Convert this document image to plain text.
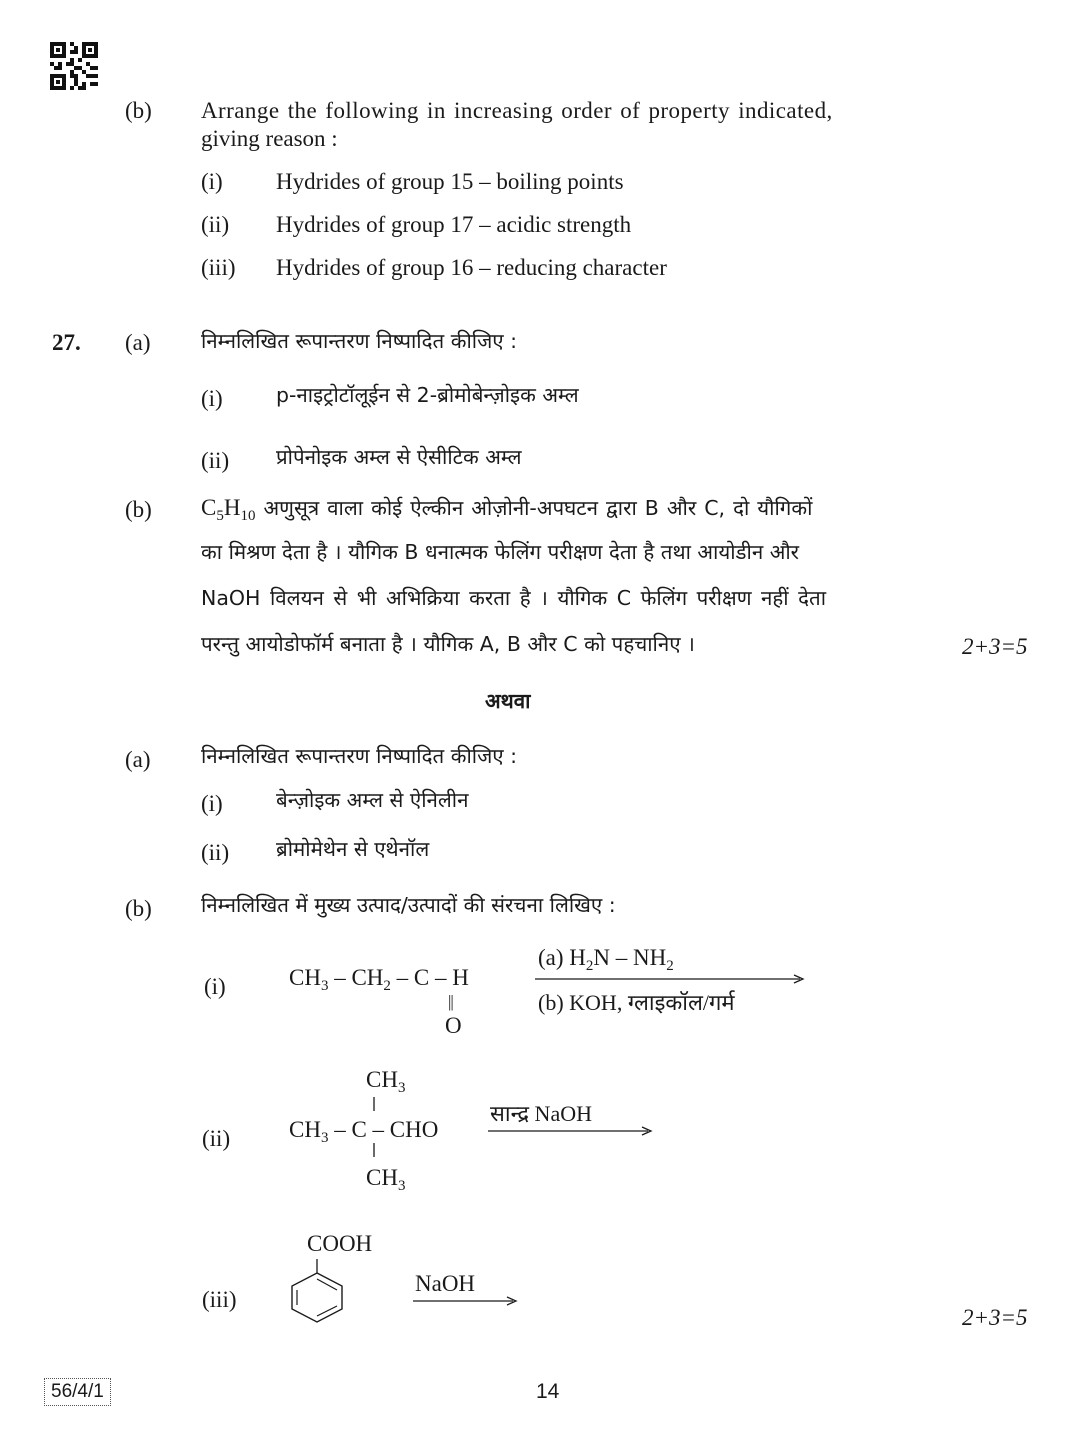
(b) Arrange the following in increasing order of property indicated,
giving reason :
(i) Hydrides of group 15 – boiling points
(ii) Hydrides of group 17 – acidic strength
(iii) Hydrides of group 16 – reducing character
27. (a) निम्नलिखित रूपान्तरण निष्पादित कीजिए :
(i)	p-नाइट्रोटॉलूईन से 2-ब्रोमोबेन्ज़ोइक अम्ल
(ii) प्रोपेनोइक अम्ल से ऐसीटिक अम्ल
(b) $C_5H_{10}$ अणुसूत्र वाला कोई ऐल्कीन ओज़ोनी-अपघटन द्वारा B और C, दो यौगिकों
का मिश्रण देता है । यौगिक B धनात्मक फेलिंग परीक्षण देता है तथा आयोडीन और
NaOH विलयन से भी अभिक्रिया करता है । यौगिक C फेलिंग परीक्षण नहीं देता
परन्तु आयोडोफॉर्म बनाता है । यौगिक A, B और C को पहचानिए ।	2+3=5
अथवा
(a) निम्नलिखित रूपान्तरण निष्पादित कीजिए :
(i)	बेन्ज़ोइक अम्ल से ऐनिलीन
(ii) ब्रोमोमेथेन से एथेनॉल
(b) निम्नलिखित में मुख्य उत्पाद/उत्पादों की संरचना लिखिए :
(i)	$CH_3 - CH_2$ – C – H
||
O
(a) $H_2N - NH_2$
(b) KOH, ग्लाइकॉल/गर्म
$CH_3$
(ii)	$CH_3$ – C – CHO
$CH_3$
सान्द्र NaOH
COOH
(iii)
NaOH
2+3=5
56/4/1	14
